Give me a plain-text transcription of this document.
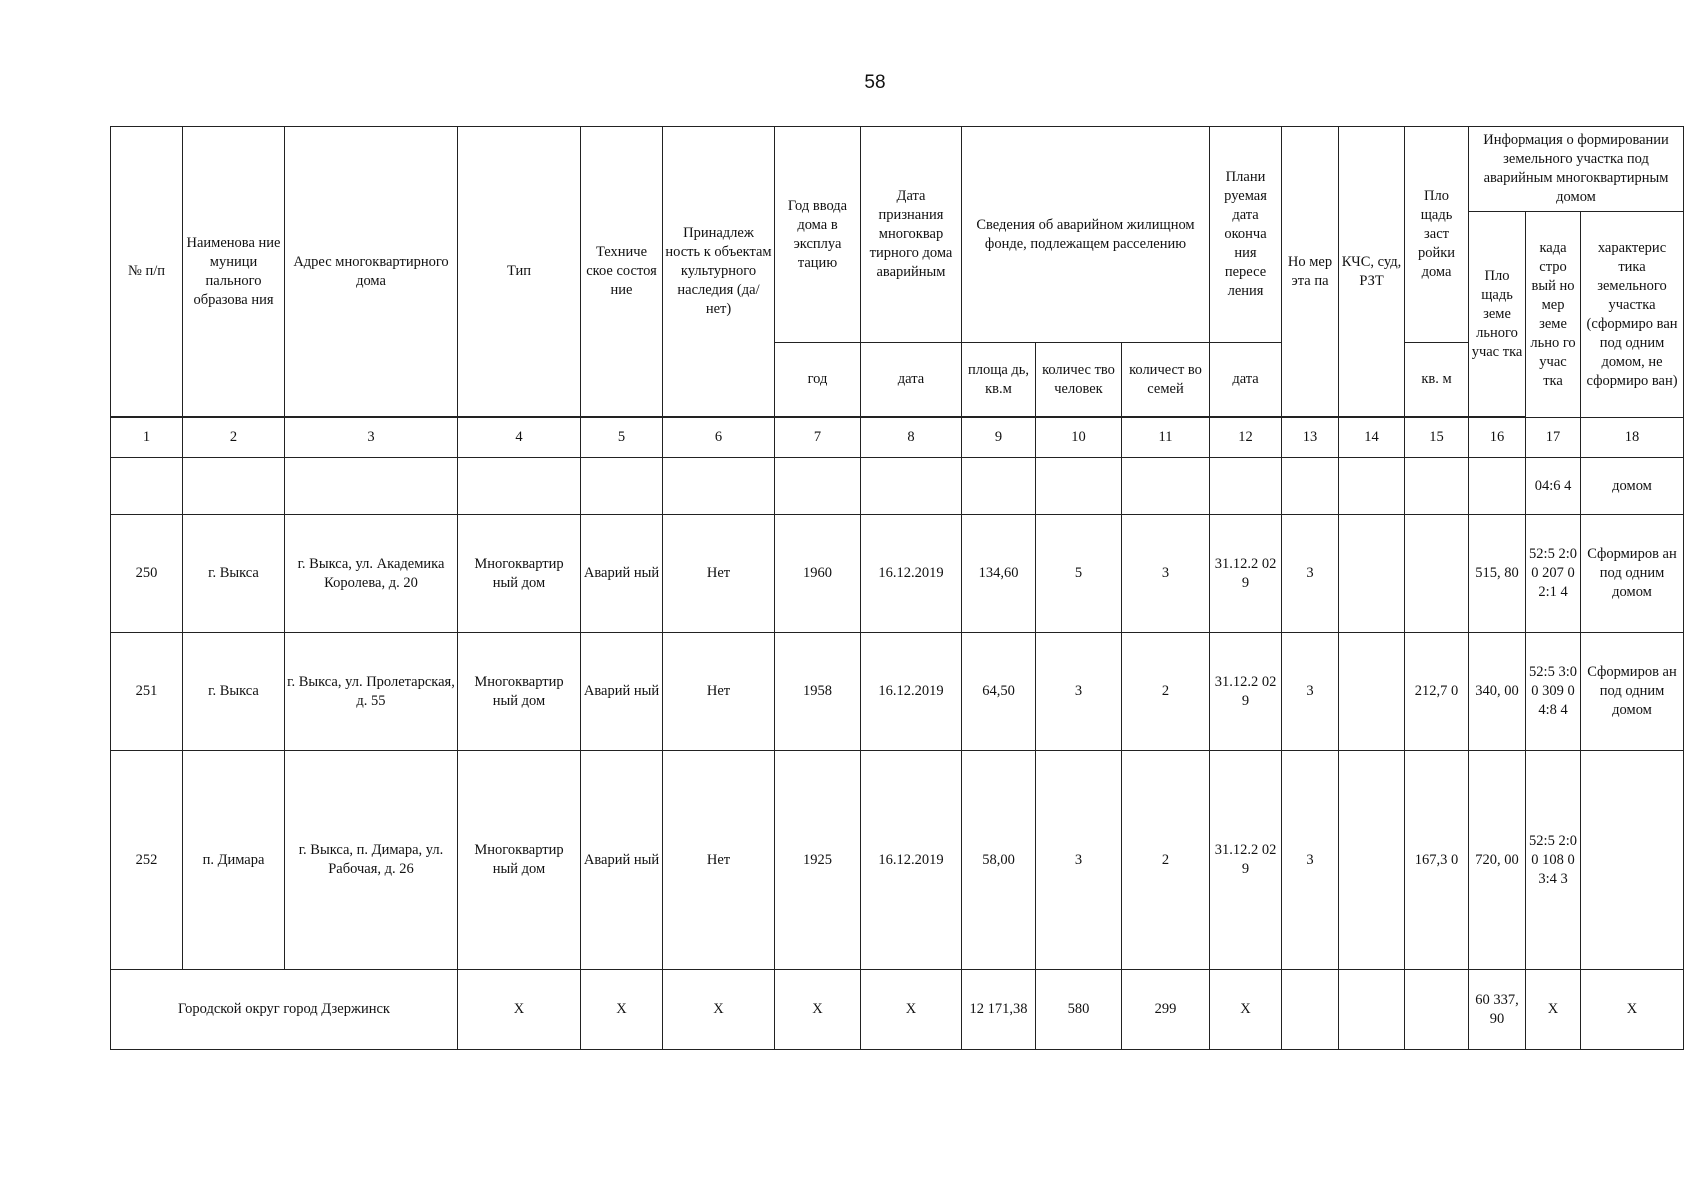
58
№ п/п	Наименова ние муници пального образова ния	Адрес многоквартирного дома	Тип	Техниче ское состоя ние	Принадлеж ность к объектам культурного наследия (да/нет)	Год ввода дома в эксплуа тацию	Дата признания многоквар тирного дома аварийным	Сведения об аварийном жилищном фонде, подлежащем расселению			Плани руемая дата оконча ния пересе ления	Но мер эта па	КЧС, суд, РЗТ	Пло щадь заст ройки дома	Информация о формировании земельного участка под аварийным многоквартирным домом		
															Пло щадь земе льного учас тка	када стро вый но мер земе льно го учас тка	характерис тика земельного участка (сформиро ван под одним домом, не сформиро ван)
						год	дата	площа дь, кв.м	количес тво человек	количест во семей	дата			кв. м			

1	2	3	4	5	6	7	8	9	10	11	12	13	14	15	16	17	18
																04:6 4	домом
250	г. Выкса	г. Выкса, ул. Академика Королева, д. 20	Многоквартир ный дом	Аварий ный	Нет	1960	16.12.2019	134,60	5	3	31.12.2 029	3			515, 80	52:5 2:00 207 02:1 4	Сформиров ан под одним домом
251	г. Выкса	г. Выкса, ул. Пролетарская, д. 55	Многоквартир ный дом	Аварий ный	Нет	1958	16.12.2019	64,50	3	2	31.12.2 029	3		212,7 0	340, 00	52:5 3:00 309 04:8 4	Сформиров ан под одним домом
252	п. Димара	г. Выкса, п. Димара, ул. Рабочая, д. 26	Многоквартир ный дом	Аварий ный	Нет	1925	16.12.2019	58,00	3	2	31.12.2 029	3		167,3 0	720, 00	52:5 2:00 108 03:4 3	
Городской округ город Дзержинск			X	X	X	X	X	12 171,38	580	299	X				60 337, 90	X	X
